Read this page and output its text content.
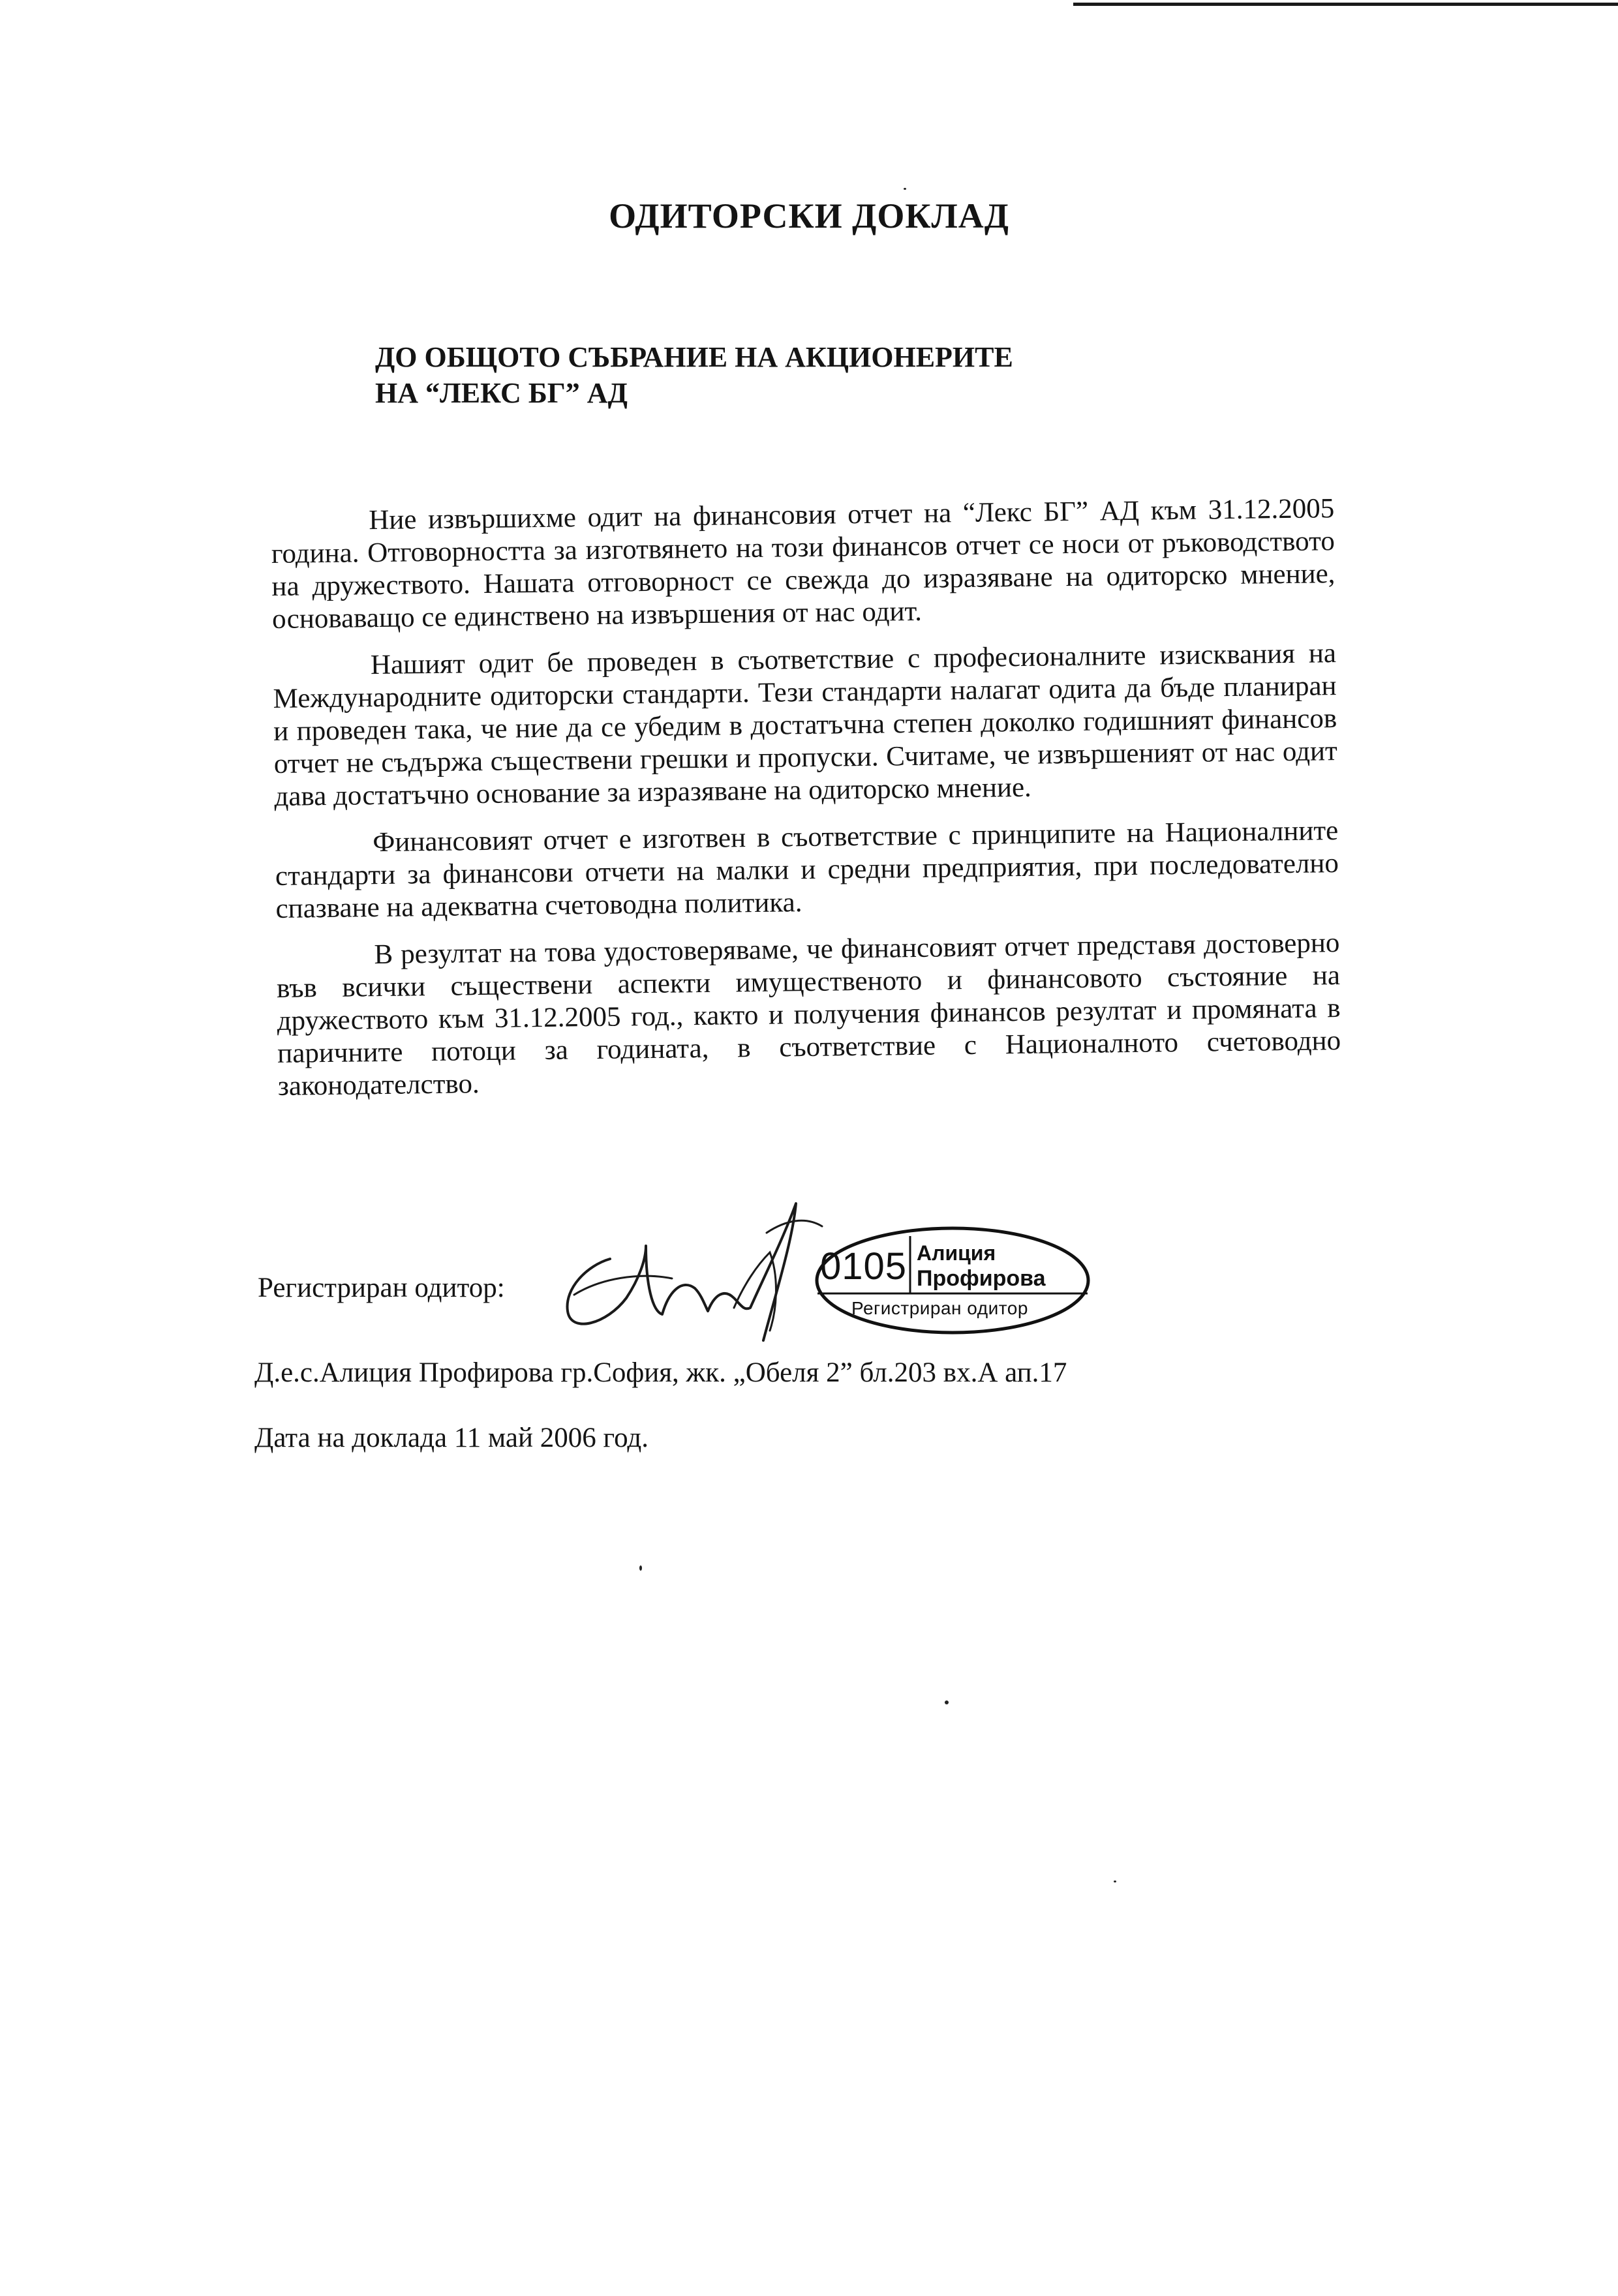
ОДИТОРСКИ ДОКЛАД
ДО ОБЩОТО СЪБРАНИЕ НА АКЦИОНЕРИТЕ
НА “ЛЕКС БГ” АД

Ние извършихме одит на финансовия отчет на “Лекс БГ” АД към 31.12.2005 година. Отговорността за изготвянето на този финансов отчет се носи от ръководството на дружеството. Нашата отговорност се свежда до изразяване на одиторско мнение, основаващо се единствено на извършения от нас одит.

Нашият одит бе проведен в съответствие с професионалните изисквания на Международните одиторски стандарти. Тези стандарти налагат одита да бъде планиран и проведен така, че ние да се убедим в достатъчна степен доколко годишният финансов отчет не съдържа съществени грешки и пропуски. Считаме, че извършеният от нас одит дава достатъчно основание за изразяване на одиторско мнение.

Финансовият отчет е изготвен в съответствие с принципите на Националните стандарти за финансови отчети на малки и средни предприятия, при последователно спазване на адекватна счетоводна политика.

В резултат на това удостоверяваме, че финансовият отчет представя достоверно във всички съществени аспекти имущественото и финансовото състояние на дружеството към 31.12.2005 год., както и получения финансов резултат и промяната в паричните потоци за годината, в съответствие с Националното счетоводно законодателство.

Регистриран одитор:

0105 Алиция

Профирова

Регистриран одитор

Д.е.с.Алиция Профирова гр.София, жк. „Обеля 2” бл.203 вх.А ап.17

Дата на доклада 11 май 2006 год.
